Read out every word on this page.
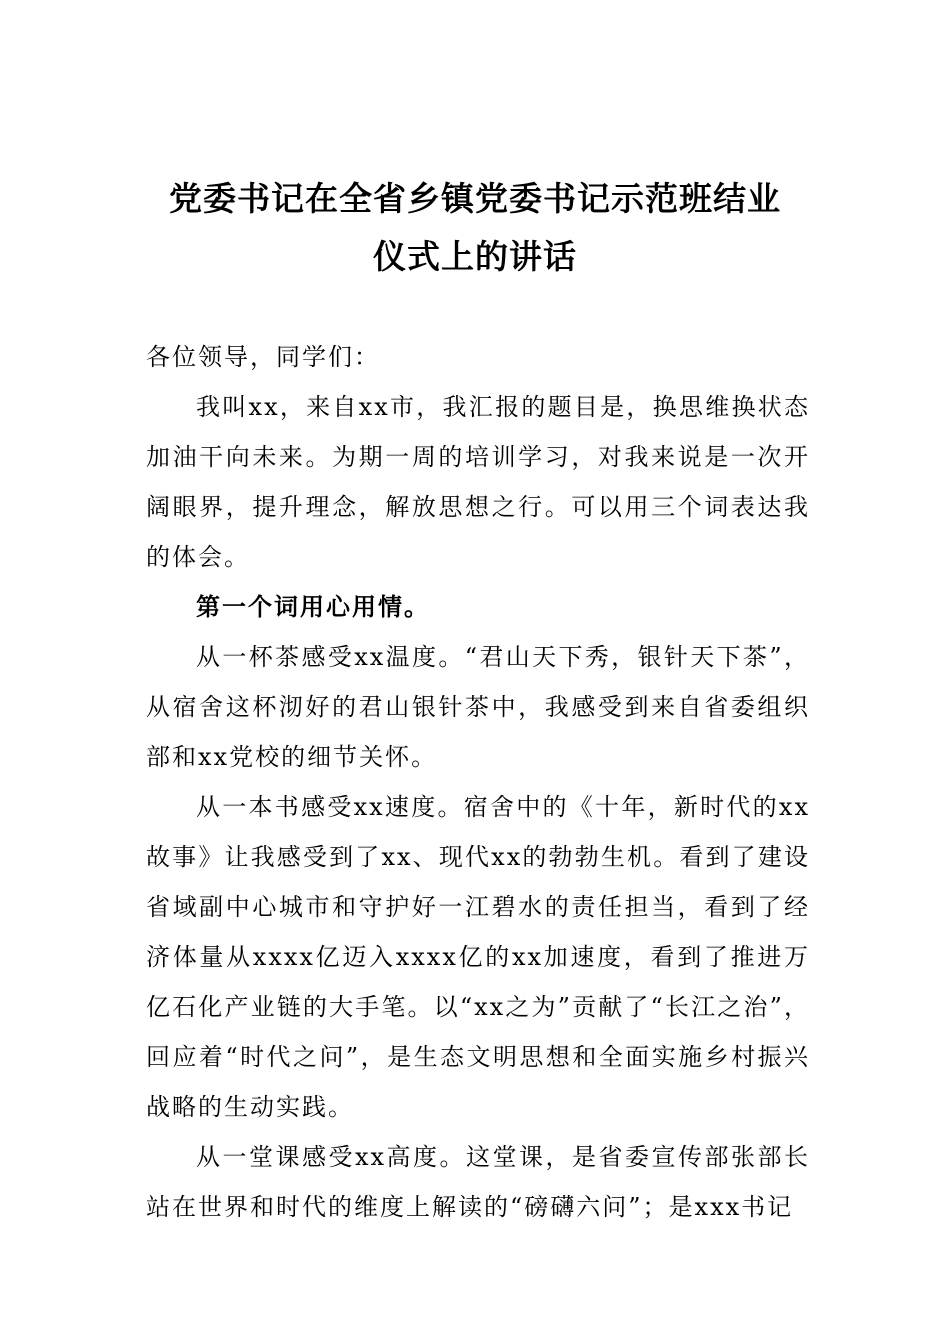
党委书记在全省乡镇党委书记示范班结业
仪式上的讲话

各位领导，同学们：

我叫xx，来自xx市，我汇报的题目是，换思维换状态加油干向未来。为期一周的培训学习，对我来说是一次开阔眼界，提升理念，解放思想之行。可以用三个词表达我的体会。

第一个词用心用情。

从一杯茶感受xx温度。“君山天下秀，银针天下茶”，从宿舍这杯沏好的君山银针茶中，我感受到来自省委组织部和xx党校的细节关怀。

从一本书感受xx速度。宿舍中的《十年，新时代的xx故事》让我感受到了xx、现代xx的勃勃生机。看到了建设省域副中心城市和守护好一江碧水的责任担当，看到了经济体量从xxxx亿迈入xxxx亿的xx加速度，看到了推进万亿石化产业链的大手笔。以“xx之为”贡献了“长江之治”，回应着“时代之问”，是生态文明思想和全面实施乡村振兴战略的生动实践。

从一堂课感受xx高度。这堂课，是省委宣传部张部长站在世界和时代的维度上解读的“磅礴六问”；是xxx书记
